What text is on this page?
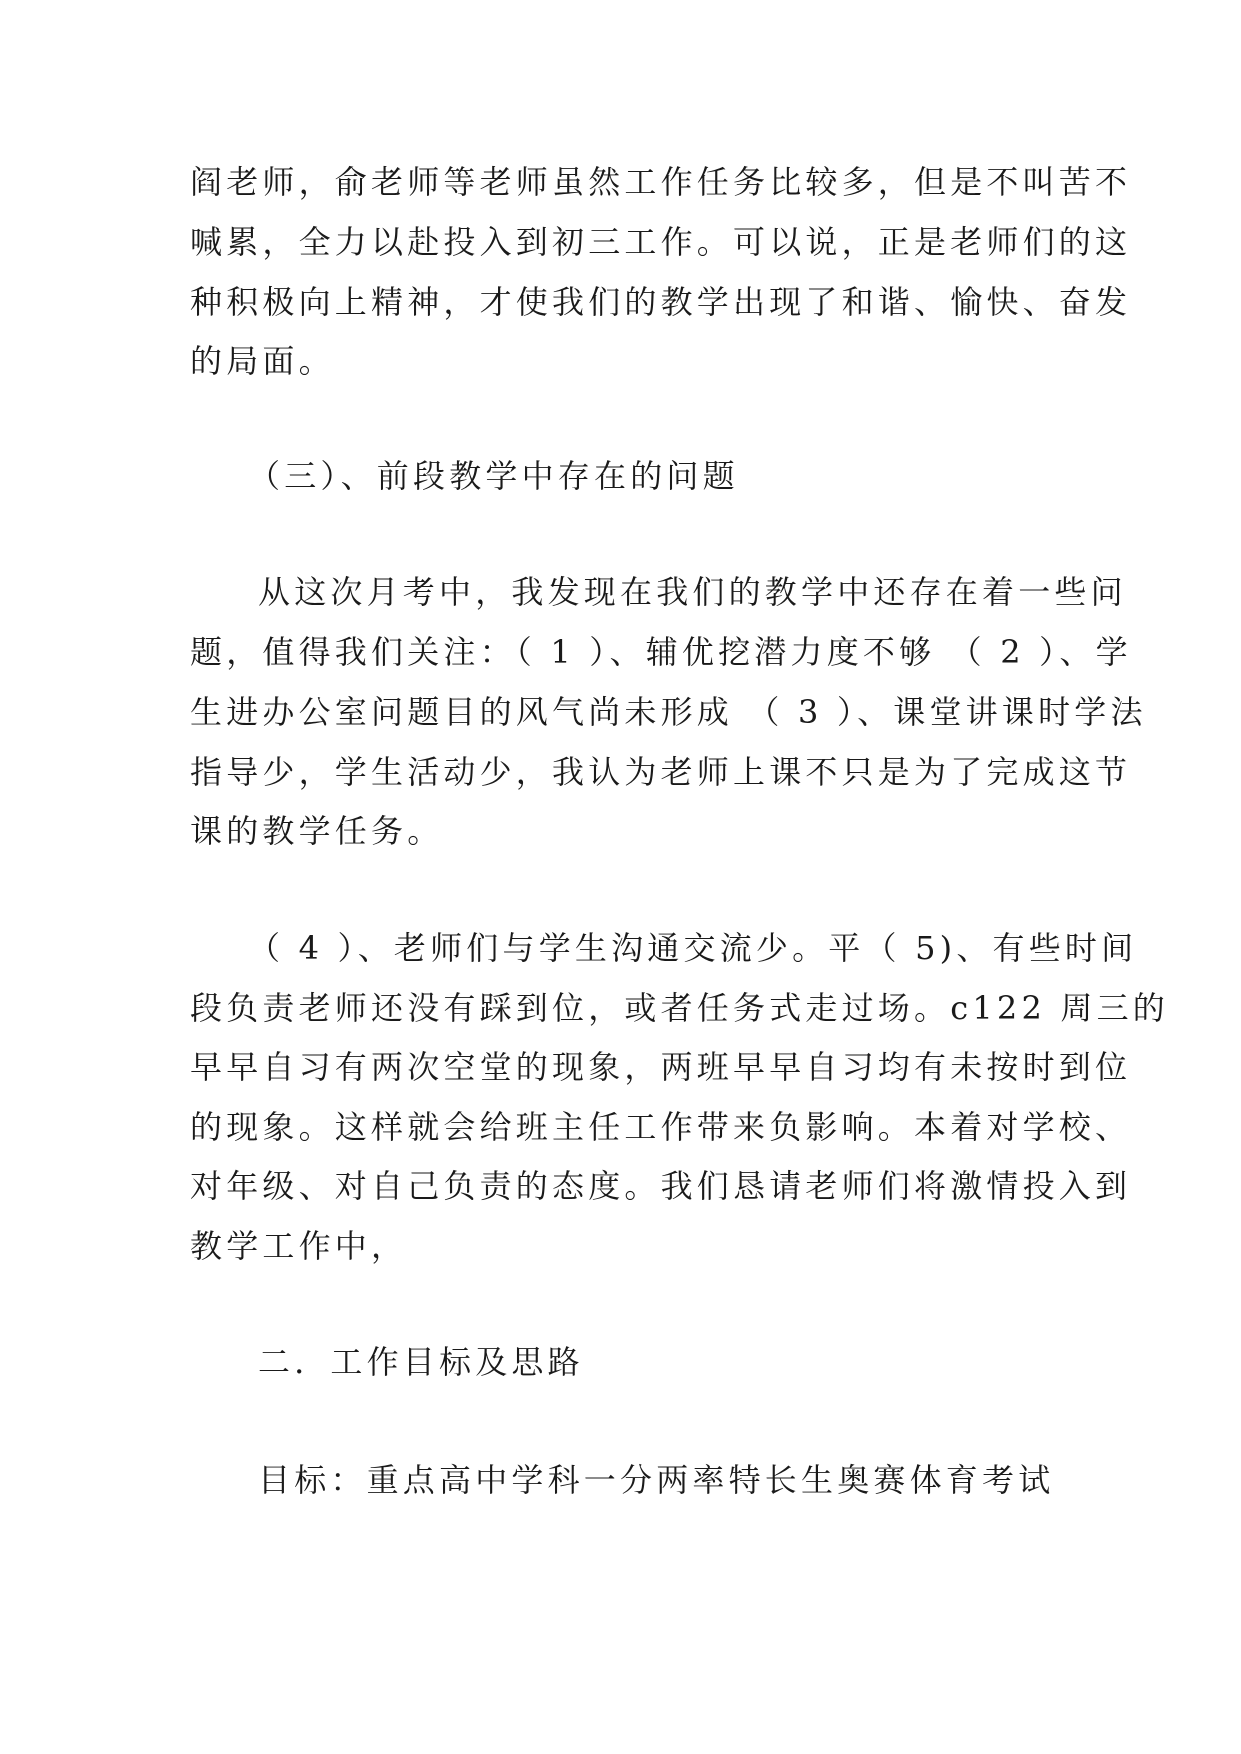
阎老师，俞老师等老师虽然工作任务比较多，但是不叫苦不
喊累，全力以赴投入到初三工作。可以说，正是老师们的这
种积极向上精神，才使我们的教学出现了和谐、愉快、奋发
的局面。
（三）、前段教学中存在的问题
从这次月考中，我发现在我们的教学中还存在着一些问
题，值得我们关注：（ 1 ）、辅优挖潜力度不够 （ 2 ）、学
生进办公室问题目的风气尚未形成 （ 3 ）、课堂讲课时学法
指导少，学生活动少，我认为老师上课不只是为了完成这节
课的教学任务。
（ 4 ）、老师们与学生沟通交流少。平（ 5)、有些时间
段负责老师还没有踩到位，或者任务式走过场。c122 周三的
早早自习有两次空堂的现象，两班早早自习均有未按时到位
的现象。这样就会给班主任工作带来负影响。本着对学校、
对年级、对自己负责的态度。我们恳请老师们将激情投入到
教学工作中，
二．工作目标及思路
目标：重点高中学科一分两率特长生奥赛体育考试
